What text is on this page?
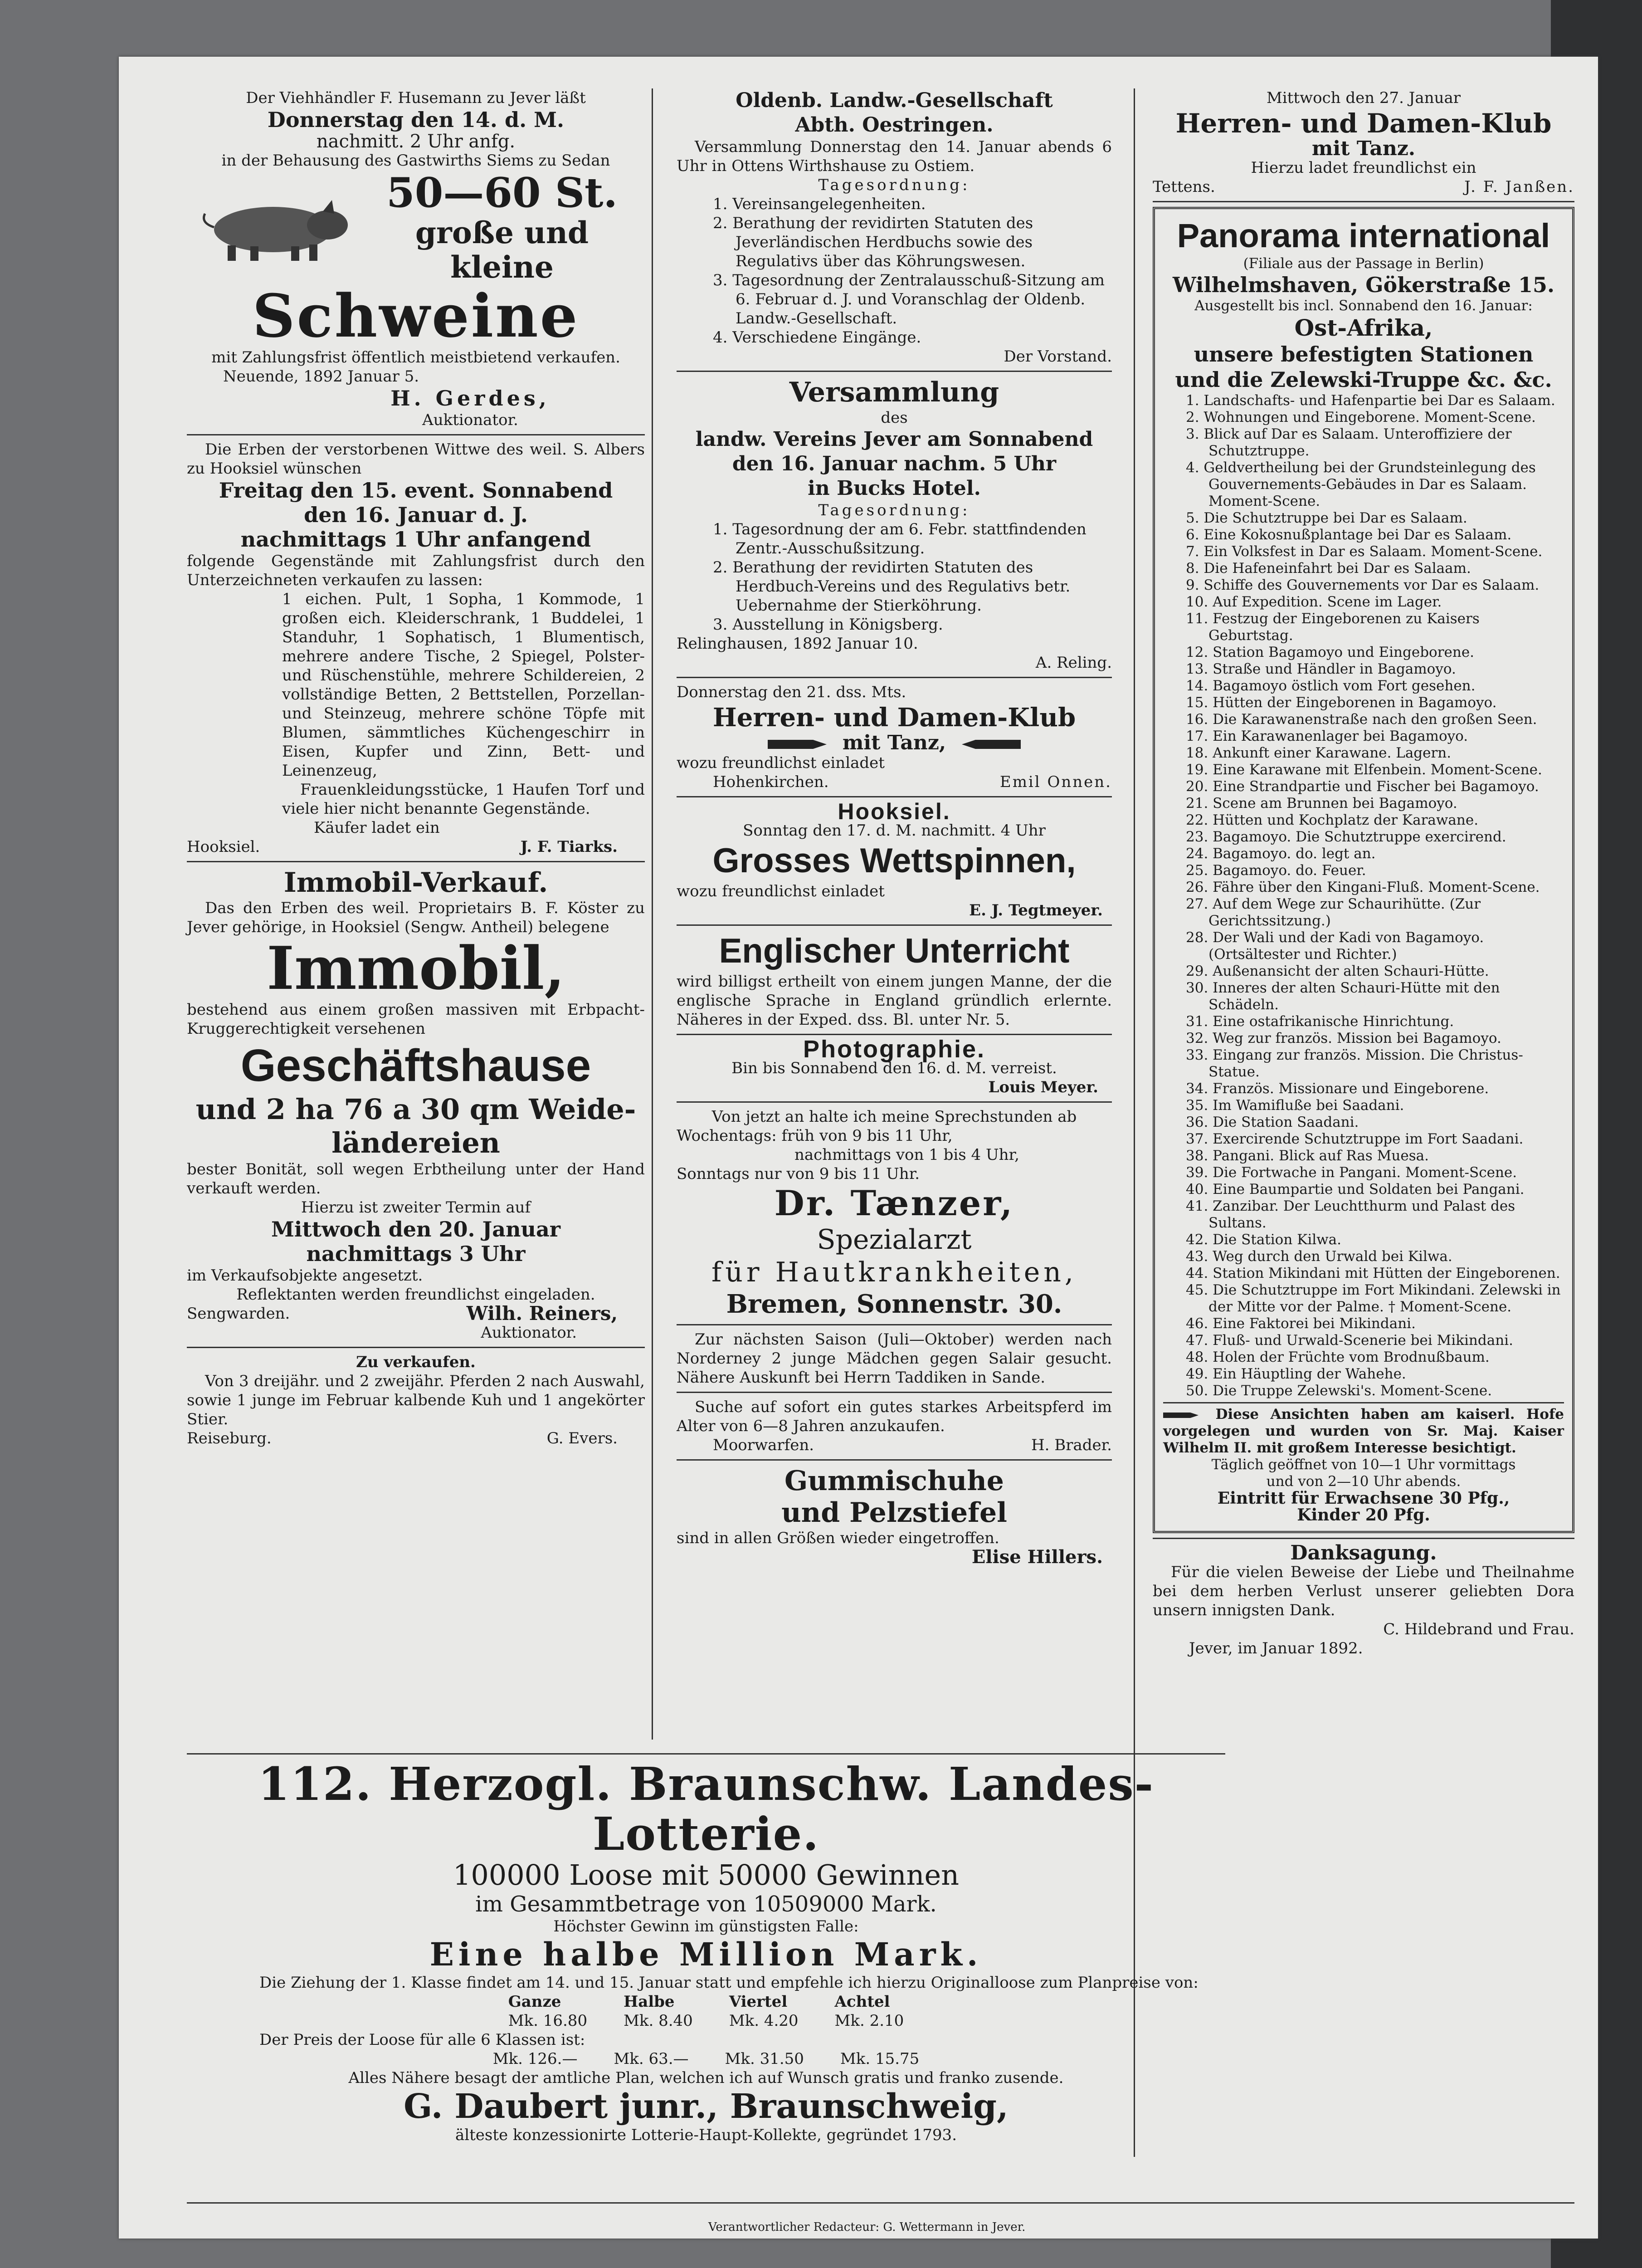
Der Viehhändler F. Husemann zu Jever läßt
Donnerstag den 14. d. M.
nachmitt. 2 Uhr anfg.
in der Behausung des Gastwirths Siems zu Sedan
50—60 St.
große und kleine
Schweine
mit Zahlungsfrist öffentlich meistbietend verkaufen.
Neuende, 1892 Januar 5.
H. Gerdes,
Auktionator.
Die Erben der verstorbenen Wittwe des weil. S. Albers zu Hooksiel wünschen
Freitag den 15. event. Sonnabend
den 16. Januar d. J.
nachmittags 1 Uhr anfangend
folgende Gegenstände mit Zahlungsfrist durch den Unterzeichneten verkaufen zu lassen:
1 eichen. Pult, 1 Sopha, 1 Kommode, 1 großen eich. Kleiderschrank, 1 Buddelei, 1 Standuhr, 1 Sophatisch, 1 Blumentisch, mehrere andere Tische, 2 Spiegel, Polster- und Rüschenstühle, mehrere Schildereien, 2 vollständige Betten, 2 Bettstellen, Porzellan- und Steinzeug, mehrere schöne Töpfe mit Blumen, sämmtliches Küchengeschirr in Eisen, Kupfer und Zinn, Bett- und Leinenzeug,
Frauenkleidungsstücke, 1 Haufen Torf und viele hier nicht benannte Gegenstände.
Käufer ladet ein
Hooksiel.	J. F. Tiarks.
Immobil-Verkauf.
Das den Erben des weil. Proprietairs B. F. Köster zu Jever gehörige, in Hooksiel (Sengw. Antheil) belegene
Immobil,
bestehend aus einem großen massiven mit Erbpacht-Kruggerechtigkeit versehenen
Geschäftshause
und 2 ha 76 a 30 qm Weide-
ländereien
bester Bonität, soll wegen Erbtheilung unter der Hand verkauft werden.
Hierzu ist zweiter Termin auf
Mittwoch den 20. Januar
nachmittags 3 Uhr
im Verkaufsobjekte angesetzt.
Reflektanten werden freundlichst eingeladen.
Sengwarden.	Wilh. Reiners,
Auktionator.
Zu verkaufen.
Von 3 dreijähr. und 2 zweijähr. Pferden 2 nach Auswahl, sowie 1 junge im Februar kalbende Kuh und 1 angekörter Stier.
Reiseburg.	G. Evers.
Oldenb. Landw.-Gesellschaft
Abth. Oestringen.
Versammlung Donnerstag den 14. Januar abends 6 Uhr in Ottens Wirthshause zu Ostiem.
Tagesordnung:
1. Vereinsangelegenheiten.
2. Berathung der revidirten Statuten des Jeverländischen Herdbuchs sowie des Regulativs über das Köhrungswesen.
3. Tagesordnung der Zentralausschuß-Sitzung am 6. Februar d. J. und Voranschlag der Oldenb. Landw.-Gesellschaft.
4. Verschiedene Eingänge.
Der Vorstand.
Versammlung
des
landw. Vereins Jever am Sonnabend
den 16. Januar nachm. 5 Uhr
in Bucks Hotel.
Tagesordnung:
1. Tagesordnung der am 6. Febr. stattfindenden Zentr.-Ausschußsitzung.
2. Berathung der revidirten Statuten des Herdbuch-Vereins und des Regulativs betr. Uebernahme der Stierköhrung.
3. Ausstellung in Königsberg.
Relinghausen, 1892 Januar 10.
A. Reling.
Donnerstag den 21. dss. Mts.
Herren- und Damen-Klub
mit Tanz,
wozu freundlichst einladet
Hohenkirchen.	Emil Onnen.
Hooksiel.
Sonntag den 17. d. M. nachmitt. 4 Uhr
Grosses Wettspinnen,
wozu freundlichst einladet
E. J. Tegtmeyer.
Englischer Unterricht
wird billigst ertheilt von einem jungen Manne, der die englische Sprache in England gründlich erlernte. Näheres in der Exped. dss. Bl. unter Nr. 5.
Photographie.
Bin bis Sonnabend den 16. d. M. verreist.
Louis Meyer.
Von jetzt an halte ich meine Sprechstunden ab
Wochentags: früh von 9 bis 11 Uhr,
nachmittags von 1 bis 4 Uhr,
Sonntags nur von 9 bis 11 Uhr.
Dr. Tænzer,
Spezialarzt
für Hautkrankheiten,
Bremen, Sonnenstr. 30.
Zur nächsten Saison (Juli—Oktober) werden nach Norderney 2 junge Mädchen gegen Salair gesucht. Nähere Auskunft bei Herrn Taddiken in Sande.
Suche auf sofort ein gutes starkes Arbeitspferd im Alter von 6—8 Jahren anzukaufen.
Moorwarfen.	H. Brader.
Gummischuhe
und Pelzstiefel
sind in allen Größen wieder eingetroffen.
Elise Hillers.
Mittwoch den 27. Januar
Herren- und Damen-Klub
mit Tanz.
Hierzu ladet freundlichst ein
Tettens.	J. F. Janßen.
Panorama international
(Filiale aus der Passage in Berlin)
Wilhelmshaven, Gökerstraße 15.
Ausgestellt bis incl. Sonnabend den 16. Januar:
Ost-Afrika,
unsere befestigten Stationen
und die Zelewski-Truppe &c. &c.
1. Landschafts- und Hafenpartie bei Dar es Salaam.
2. Wohnungen und Eingeborene. Moment-Scene.
3. Blick auf Dar es Salaam. Unteroffiziere der Schutztruppe.
4. Geldvertheilung bei der Grundsteinlegung des Gouvernements-Gebäudes in Dar es Salaam. Moment-Scene.
5. Die Schutztruppe bei Dar es Salaam.
6. Eine Kokosnußplantage bei Dar es Salaam.
7. Ein Volksfest in Dar es Salaam. Moment-Scene.
8. Die Hafeneinfahrt bei Dar es Salaam.
9. Schiffe des Gouvernements vor Dar es Salaam.
10. Auf Expedition. Scene im Lager.
11. Festzug der Eingeborenen zu Kaisers Geburtstag.
12. Station Bagamoyo und Eingeborene.
13. Straße und Händler in Bagamoyo.
14. Bagamoyo östlich vom Fort gesehen.
15. Hütten der Eingeborenen in Bagamoyo.
16. Die Karawanenstraße nach den großen Seen.
17. Ein Karawanenlager bei Bagamoyo.
18. Ankunft einer Karawane. Lagern.
19. Eine Karawane mit Elfenbein. Moment-Scene.
20. Eine Strandpartie und Fischer bei Bagamoyo.
21. Scene am Brunnen bei Bagamoyo.
22. Hütten und Kochplatz der Karawane.
23. Bagamoyo. Die Schutztruppe exercirend.
24. Bagamoyo. do. legt an.
25. Bagamoyo. do. Feuer.
26. Fähre über den Kingani-Fluß. Moment-Scene.
27. Auf dem Wege zur Schaurihütte. (Zur Gerichtssitzung.)
28. Der Wali und der Kadi von Bagamoyo. (Ortsältester und Richter.)
29. Außenansicht der alten Schauri-Hütte.
30. Inneres der alten Schauri-Hütte mit den Schädeln.
31. Eine ostafrikanische Hinrichtung.
32. Weg zur französ. Mission bei Bagamoyo.
33. Eingang zur französ. Mission. Die Christus-Statue.
34. Französ. Missionare und Eingeborene.
35. Im Wamifluße bei Saadani.
36. Die Station Saadani.
37. Exercirende Schutztruppe im Fort Saadani.
38. Pangani. Blick auf Ras Muesa.
39. Die Fortwache in Pangani. Moment-Scene.
40. Eine Baumpartie und Soldaten bei Pangani.
41. Zanzibar. Der Leuchtthurm und Palast des Sultans.
42. Die Station Kilwa.
43. Weg durch den Urwald bei Kilwa.
44. Station Mikindani mit Hütten der Eingeborenen.
45. Die Schutztruppe im Fort Mikindani. Zelewski in der Mitte vor der Palme. † Moment-Scene.
46. Eine Faktorei bei Mikindani.
47. Fluß- und Urwald-Scenerie bei Mikindani.
48. Holen der Früchte vom Brodnußbaum.
49. Ein Häuptling der Wahehe.
50. Die Truppe Zelewski's. Moment-Scene.
Diese Ansichten haben am kaiserl. Hofe vorgelegen und wurden von Sr. Maj. Kaiser Wilhelm II. mit großem Interesse besichtigt.
Täglich geöffnet von 10—1 Uhr vormittags
und von 2—10 Uhr abends.
Eintritt für Erwachsene 30 Pfg.,
Kinder 20 Pfg.
Danksagung.
Für die vielen Beweise der Liebe und Theilnahme bei dem herben Verlust unserer geliebten Dora unsern innigsten Dank.
C. Hildebrand und Frau.
Jever, im Januar 1892.
112. Herzogl. Braunschw. Landes-Lotterie.
100000 Loose mit 50000 Gewinnen
im Gesammtbetrage von 10509000 Mark.
Höchster Gewinn im günstigsten Falle:
Eine halbe Million Mark.
Die Ziehung der 1. Klasse findet am 14. und 15. Januar statt und empfehle ich hierzu Originalloose zum Planpreise von:
Ganze	Halbe	Viertel	Achtel
Mk. 16.80	Mk. 8.40	Mk. 4.20	Mk. 2.10
Der Preis der Loose für alle 6 Klassen ist:
Mk. 126.—	Mk. 63.—	Mk. 31.50	Mk. 15.75
Alles Nähere besagt der amtliche Plan, welchen ich auf Wunsch gratis und franko zusende.
G. Daubert junr., Braunschweig,
älteste konzessionirte Lotterie-Haupt-Kollekte, gegründet 1793.
Verantwortlicher Redacteur: G. Wettermann in Jever.
